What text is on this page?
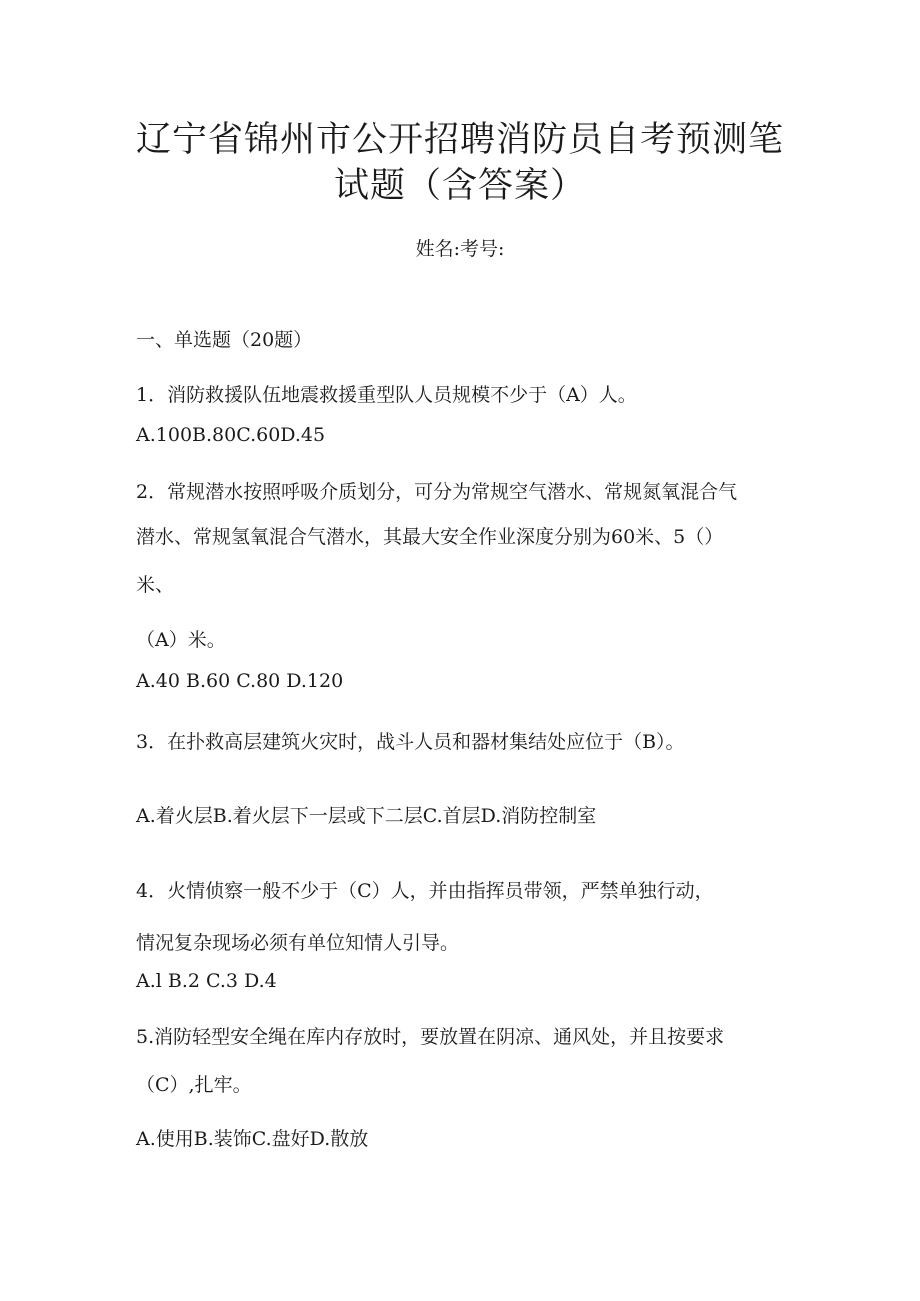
辽宁省锦州市公开招聘消防员自考预测笔
试题（含答案）
姓名:考号:
一、单选题（20题）
1．消防救援队伍地震救援重型队人员规模不少于（A）人。
A.100B.80C.60D.45
2．常规潜水按照呼吸介质划分，可分为常规空气潜水、常规氮氧混合气
潜水、常规氢氧混合气潜水，其最大安全作业深度分别为60米、5（）
米、
（A）米。
A.40 B.60 C.80 D.120
3．在扑救高层建筑火灾时，战斗人员和器材集结处应位于（B）。
A.着火层B.着火层下一层或下二层C.首层D.消防控制室
4．火情侦察一般不少于（C）人，并由指挥员带领，严禁单独行动，
情况复杂现场必须有单位知情人引导。
A.l B.2 C.3 D.4
5.消防轻型安全绳在库内存放时，要放置在阴凉、通风处，并且按要求
（C）,扎牢。
A.使用B.装饰C.盘好D.散放
